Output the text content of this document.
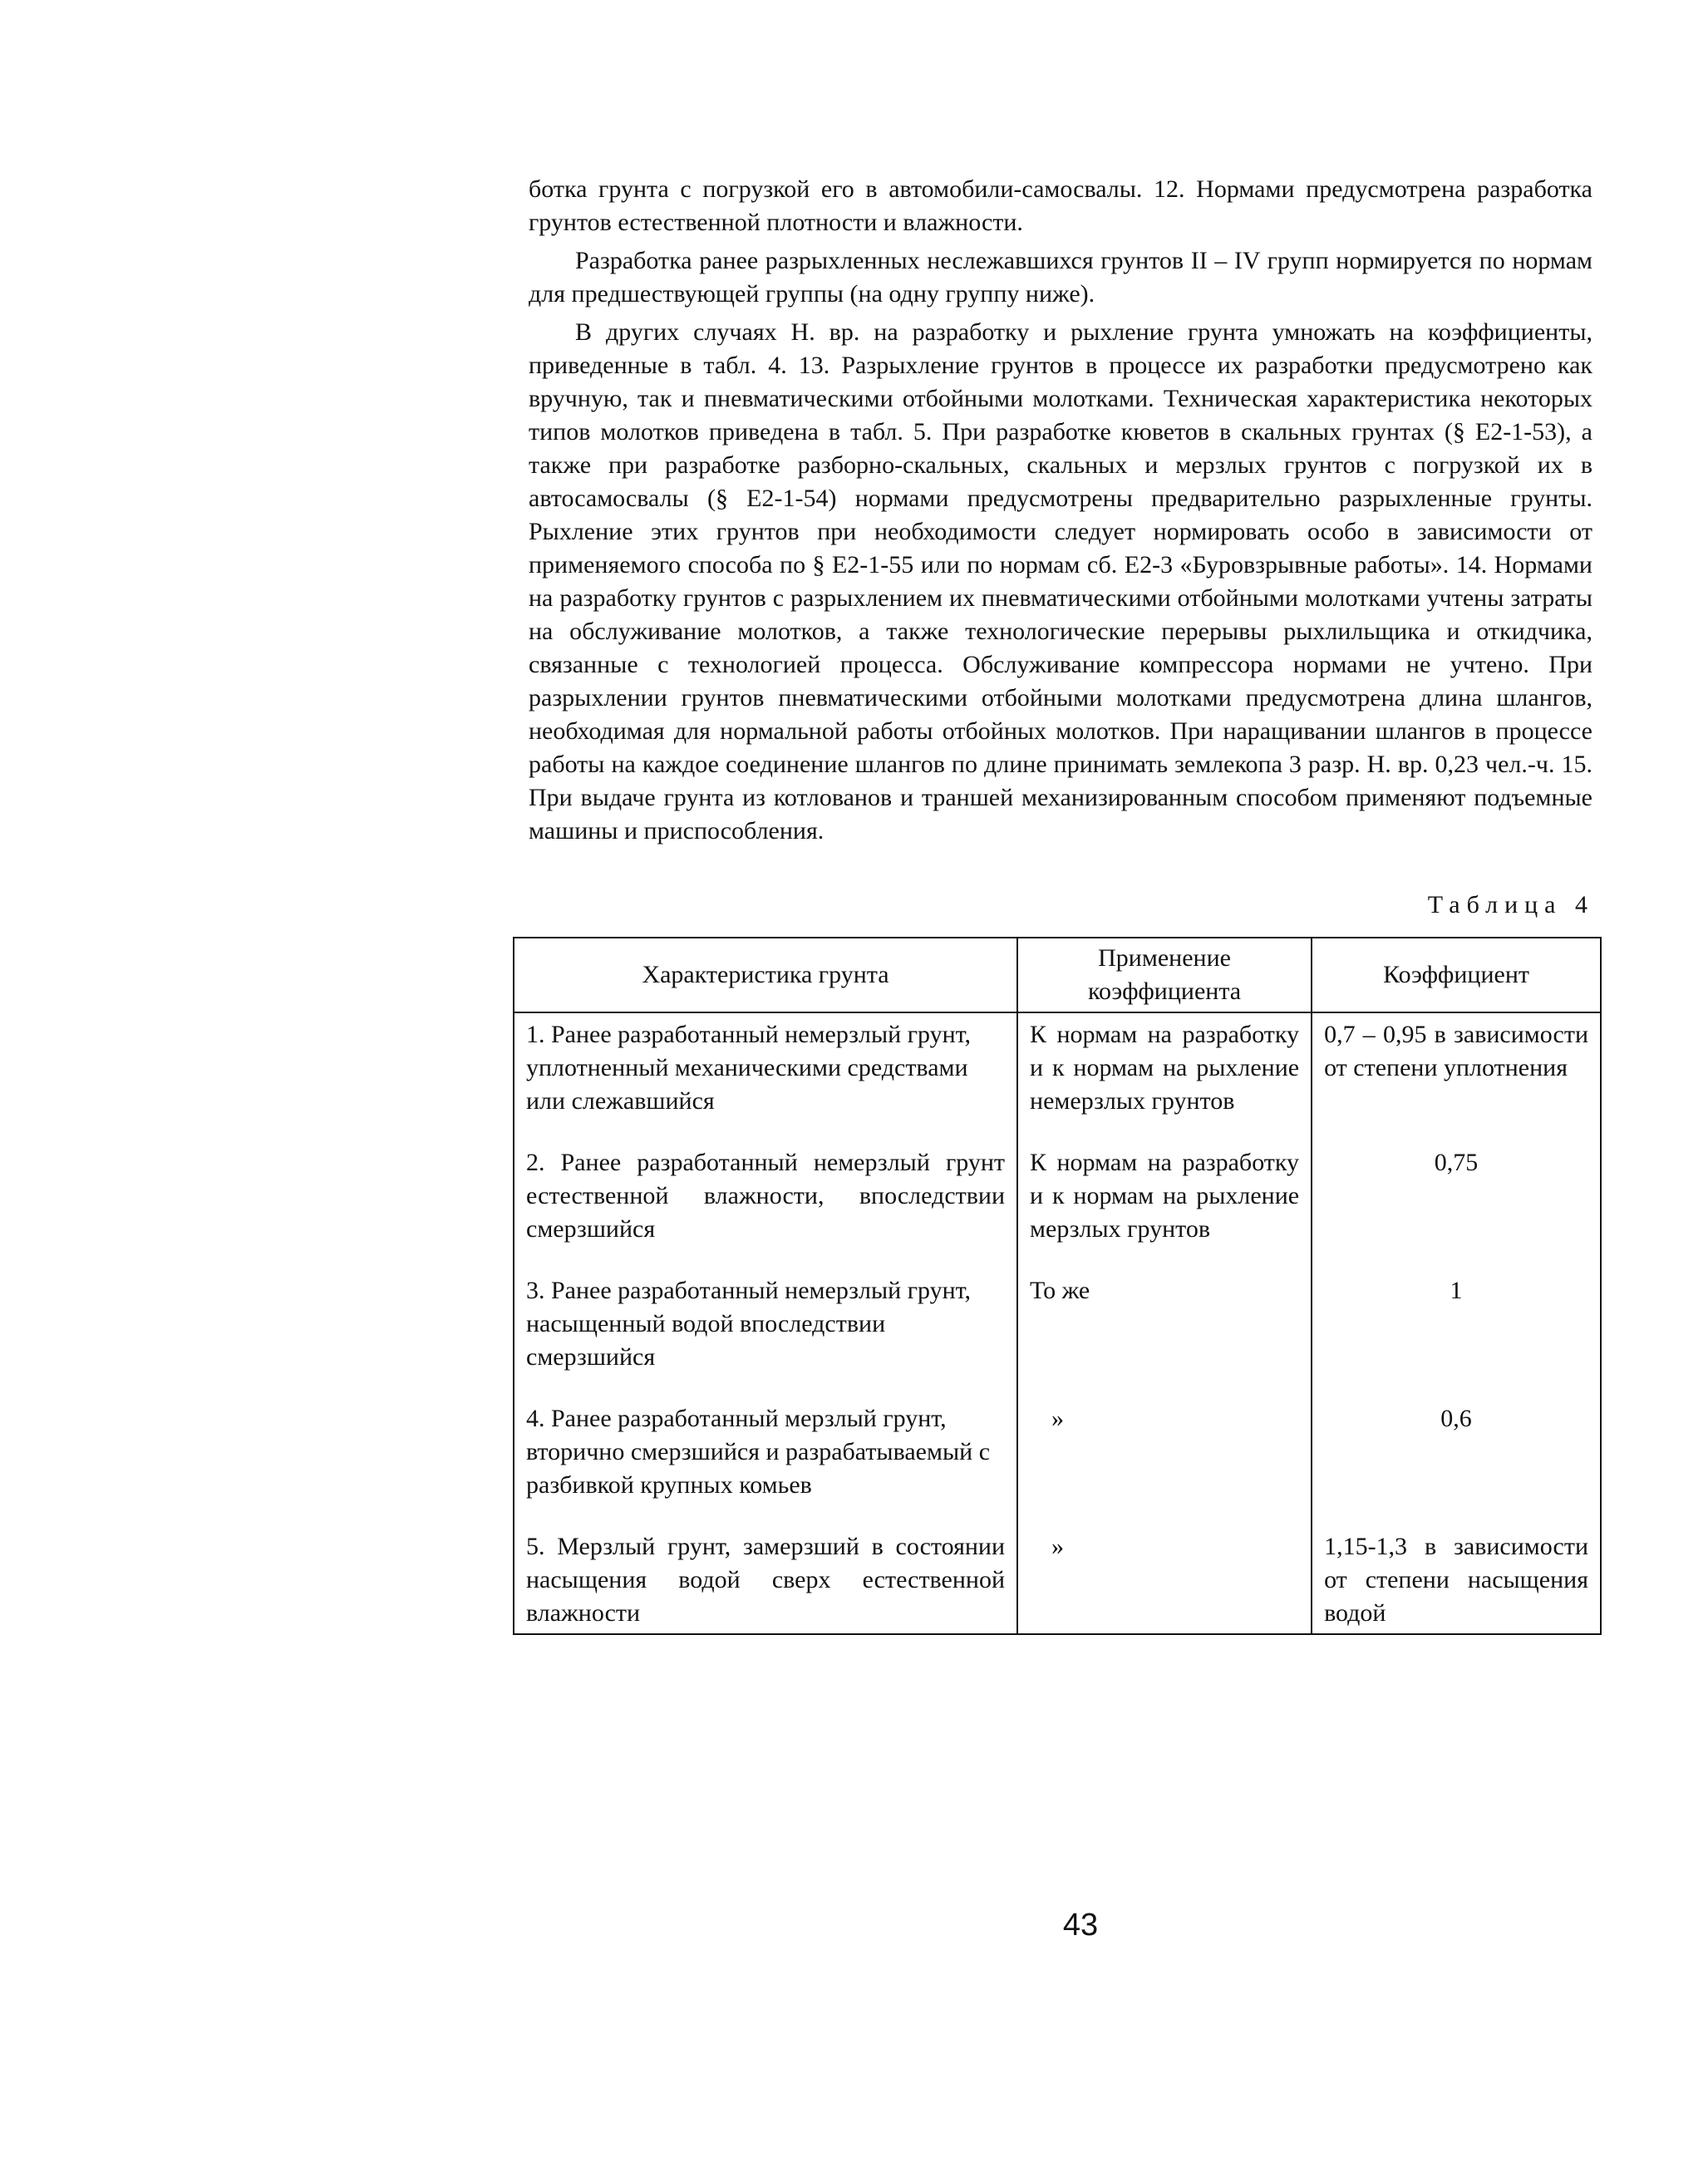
ботка грунта с погрузкой его в автомобили-самосвалы. 12. Нормами предусмотрена разработка грунтов естественной плотности и влажности.

Разработка ранее разрыхленных неслежавшихся грунтов II – IV групп нормируется по нормам для предшествующей группы (на одну группу ниже).

В других случаях Н. вр. на разработку и рыхление грунта умножать на коэффициенты, приведенные в табл. 4. 13. Разрыхление грунтов в процессе их разработки предусмотрено как вручную, так и пневматическими отбойными молотками. Техническая характеристика некоторых типов молотков приведена в табл. 5. При разработке кюветов в скальных грунтах (§ Е2-1-53), а также при разработке разборно-скальных, скальных и мерзлых грунтов с погрузкой их в автосамосвалы (§ Е2-1-54) нормами предусмотрены предварительно разрыхленные грунты. Рыхление этих грунтов при необходимости следует нормировать особо в зависимости от применяемого способа по § Е2-1-55 или по нормам сб. Е2-3 «Буровзрывные работы». 14. Нормами на разработку грунтов с разрыхлением их пневматическими отбойными молотками учтены затраты на обслуживание молотков, а также технологические перерывы рыхлильщика и откидчика, связанные с технологией процесса. Обслуживание компрессора нормами не учтено. При разрыхлении грунтов пневматическими отбойными молотками предусмотрена длина шлангов, необходимая для нормальной работы отбойных молотков. При наращивании шлангов в процессе работы на каждое соединение шлангов по длине принимать землекопа 3 разр. Н. вр. 0,23 чел.-ч. 15. При выдаче грунта из котлованов и траншей механизированным способом применяют подъемные машины и приспособления.

Таблица 4
Характеристика грунта	Применение коэффициента	Коэффициент
1. Ранее разработанный немерзлый грунт, уплотненный механическими средствами или слежавшийся	К нормам на разработку и к нормам на рыхление немерзлых грунтов	0,7 – 0,95 в зависимости от степени уплотнения
2. Ранее разработанный немерзлый грунт естественной влажности, впоследствии смерзшийся	К нормам на разработку и к нормам на рыхление мерзлых грунтов	0,75
3. Ранее разработанный немерзлый грунт, насыщенный водой впоследствии смерзшийся	То же	1
4. Ранее разработанный мерзлый грунт, вторично смерзшийся и разрабатываемый с разбивкой крупных комьев	»	0,6
5. Мерзлый грунт, замерзший в состоянии насыщения водой сверх естественной влажности	»	1,15-1,3 в зависимости от степени насыщения водой
43
